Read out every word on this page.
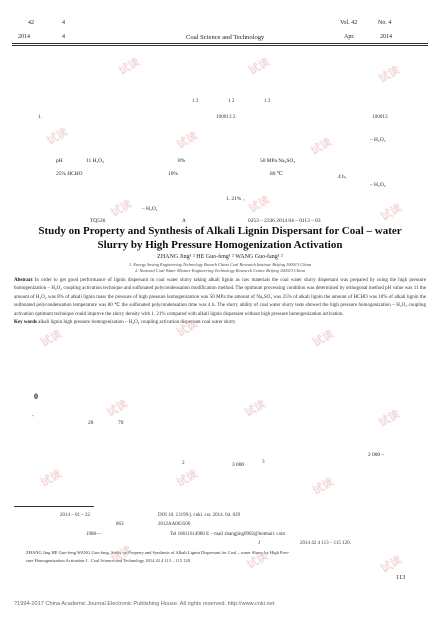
42	4	Vol. 42	No. 4
2014	4	Coal Science and Technology	Apr.	2014
1 2	1 2	1 2
1.	100013 2.	100013
– H₂O₂
pH	11 H₂O₂	8%	50 MPa Na₂SO₃
25% HCHO	10%	80 ℃	4 h。
– H₂O₂
1. 21% 。
– H₂O₂
TQ536	A	0253 – 2336 2014 04 – 0113 – 03
Study on Property and Synthesis of Alkali Lignin Dispersant for Coal – water
Slurry by High Pressure Homogenization Activation
ZHANG Jing¹ ² HE Guo-feng¹ ² WANG Guo-fang¹ ²
1. Energy Saving Engineering Technology Branch China Coal Research Institute Beijing 100013 China
2. National Coal Water Mixture Engineering Technology Research Center Beijing 100013 China
Abstract In order to get good performance of lignin dispersant in coal water slurry taking alkali lignin as raw materials the coal water slurry dispersant was prepared by using the high pressure homogenization – H₂O₂ coupling activation technique and sulfonated polycondensation modification method. The optimum processing condition was determined by orthogonal method pH value was 11 the amount of H₂O₂ was 8% of alkali lignin mass the pressure of high pressure homogenization was 50 MPa the amount of Na₂SO₃ was 25% of alkali lignin the amount of HCHO was 10% of alkali lignin the sulfonated polycondensation temperature was 80 ℃ the sulfonated polycondensation time was 4 h. The slurry ability of coal water slurry tests showed the high pressure homogenization – H₂O₂ coupling activation optimum technique could improve the slurry density with 1. 21% compared with alkali lignin dispersant without high pressure homogenization activation.
Key words alkali lignin high pressure homogenization – H₂O₂ coupling activation dispersant coal water slurry
0
、
20	70
2 000 ~
2	3 000	3
2014 – 01 – 22	DOI 10. 13199/j. cnki. cst. 2014. 04. 029
863	2012AA063506
1988—	Tel 18611614980 E – mail zhangjing0902@hotmail. com
J	2014 42 4 113 – 115 120.
ZHANG Jing HE Guo-feng WANG Guo-fang. Study on Property and Synthesis of Alkali Lignin Dispersant for Coal – water Slurry by High Pres-
sure Homogenization Activation J . Coal Science and Technology 2014 42 4 113 – 115 120.
113
?1994-2017 China Academic Journal Electronic Publishing House. All rights reserved. http://www.cnki.net
试读	试读	试读
试读	试读	试读
试读	试读	试读
试读	试读	试读
试读	试读	试读
试读	试读	试读
试读	试读	试读
